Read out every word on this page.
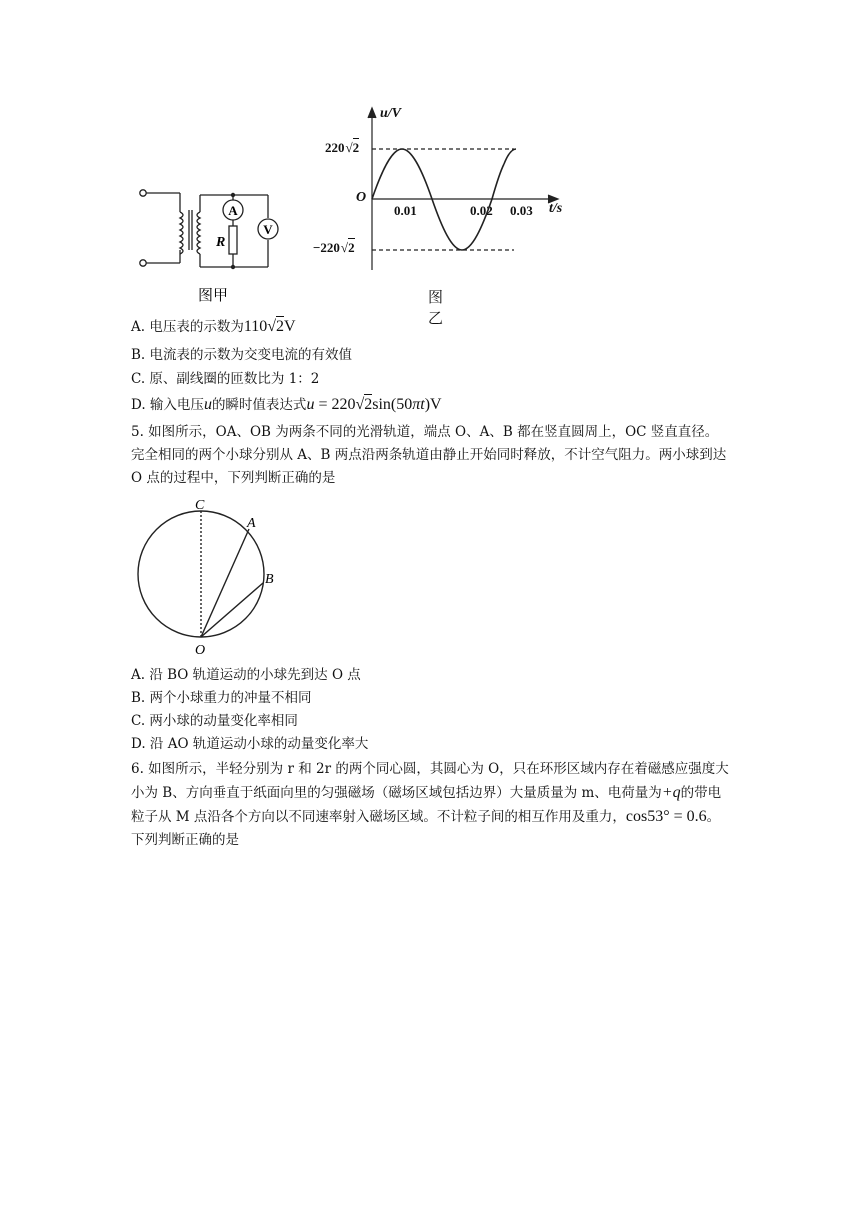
A
V
R
图甲
u/V
t/s
O
220√2
−220√2
0.01	0.02 0.03
图乙
A. 电压表的示数为110√2V
B. 电流表的示数为交变电流的有效值
C. 原、副线圈的匝数比为 1：2
D. 输入电压u的瞬时值表达式u = 220√2sin(50πt)V
5. 如图所示，OA、OB 为两条不同的光滑轨道，端点 O、A、B 都在竖直圆周上，OC 竖直直径。完全相同的两个小球分别从 A、B 两点沿两条轨道由静止开始同时释放，不计空气阻力。两小球到达 O 点的过程中，下列判断正确的是
C
A
B
O
A. 沿 BO 轨道运动的小球先到达 O 点
B. 两个小球重力的冲量不相同
C. 两小球的动量变化率相同
D. 沿 AO 轨道运动小球的动量变化率大
6. 如图所示，半轻分别为 r 和 2r 的两个同心圆，其圆心为 O，只在环形区域内存在着磁感应强度大小为 B、方向垂直于纸面向里的匀强磁场（磁场区域包括边界）大量质量为 m、电荷量为+q的带电粒子从 M 点沿各个方向以不同速率射入磁场区域。不计粒子间的相互作用及重力，cos53° = 0.6。下列判断正确的是
